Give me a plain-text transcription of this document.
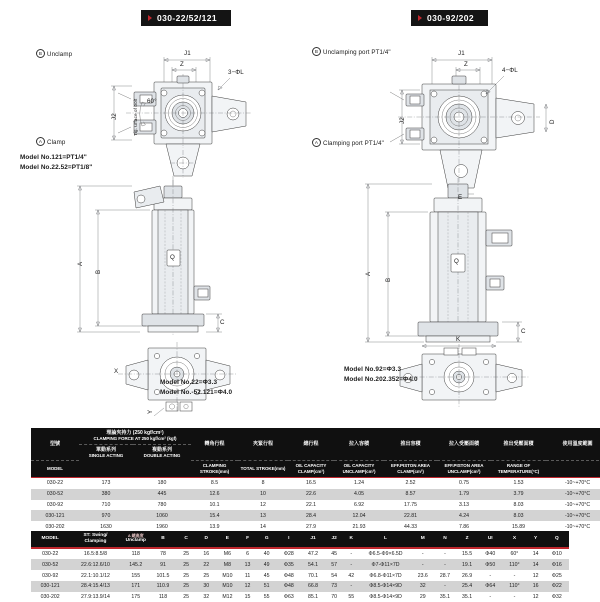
030-22/52/121	030-92/202
B Unclamp
A Clamp
Model No.121=PT1/4"
Model No.22.52=PT1/8"
J1
Z
3−ΦL
60°
J2	Tig. urface of bolt
A
B
C
Q
X
Y
Model No.22=Φ3.3
Model No.-52.121=Φ4.0
B Unclamping port PT1/4"
A Clamping port PT1/4"
J1
Z
4−ΦL
J2	D
E
A
B
C
Q
K
Model No.92=Φ3.3
Model No.202.352=Φ4.0
型號	理論夾持力 (250 kgf/cm²)
CLAMPING FORCE AT 250 kgf/cm² (kgf)		轉角行程	夾緊行程	總行程	拉入容積	推出容積	拉入受壓面積	推出受壓面積	使用溫度範圍

	單動系列
SINGLE ACTING	複動系列
DOUBLE ACTING								

MODEL			CLAMPING STROKE(mm)	TOTAL STROKE(mm)	OIL CAPACITY CLAMP(cm³)	OIL CAPACITY UNCLAMP(cm³)	EFF.PISTON AREA CLAMP(cm²)	EFF.PISTON AREA UNCLAMP(cm²)	RANGE OF TEMPERATURE(°C)	

030-22	173	180	8.5	8	16.5	1.24	2.52	0.75	1.53	-10~+70°C
030-52	380	445	12.6	10	22.6	4.05	8.57	1.79	3.79	-10~+70°C
030-92	710	780	10.1	12	22.1	6.92	17.75	3.13	8.03	-10~+70°C
030-121	970	1060	15.4	13	28.4	12.04	22.81	4.24	8.03	-10~+70°C
030-202	1630	1960	13.9	14	27.9	21.93	44.33	7.86	15.89	-10~+70°C
MODEL	ST: Swing/
Clamping	A 總高度
Unclamp	B	C	D	E	F	G	I	J1	J2	K	L	M	N	Z	UI	X	Y	Q

030-22	16.5:8.5/8	118	78	25	16	M6	6	40	Φ28	47.2	45	-	Φ6.5-Φ9×6.5D	-	-	15.5	Φ40	60°	14	Φ10
030-52	22.6:12.6/10	145.2	91	25	22	M8	13	49	Φ35	54.1	57	-	Φ7-Φ11×7D	-	-	19.1	Φ50	110°	14	Φ16
030-92	22.1:10.1/12	155	101.5	25	25	M10	11	45	Φ48	70.1	54	42	Φ6.8-Φ11×7D	23.6	28.7	26.9	-	-	12	Φ25
030-121	28.4:15.4/13	171	110.9	25	30	M10	12	51	Φ48	66.8	73	-	Φ8.5-Φ14×9D	32	-	25.4	Φ64	110°	16	Φ22
030-202	27.9:13.9/14	175	118	25	32	M12	15	55	Φ63	85.1	70	55	Φ8.5-Φ14×9D	29	35.1	35.1	-	-	12	Φ32
